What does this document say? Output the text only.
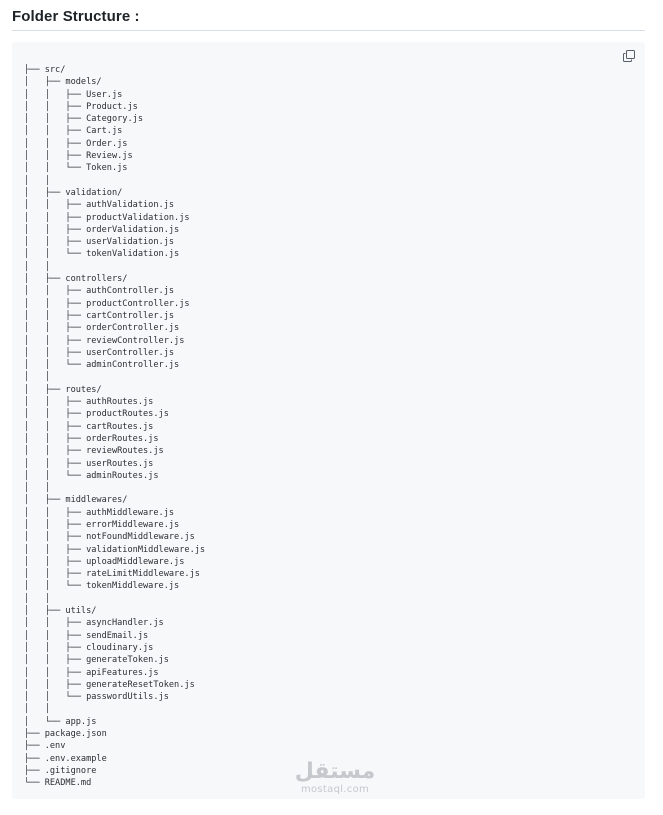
Folder Structure :
├── src/
│   ├── models/
│   │   ├── User.js
│   │   ├── Product.js
│   │   ├── Category.js
│   │   ├── Cart.js
│   │   ├── Order.js
│   │   ├── Review.js
│   │   └── Token.js
│   │
│   ├── validation/
│   │   ├── authValidation.js
│   │   ├── productValidation.js
│   │   ├── orderValidation.js
│   │   ├── userValidation.js
│   │   └── tokenValidation.js
│   │
│   ├── controllers/
│   │   ├── authController.js
│   │   ├── productController.js
│   │   ├── cartController.js
│   │   ├── orderController.js
│   │   ├── reviewController.js
│   │   ├── userController.js
│   │   └── adminController.js
│   │
│   ├── routes/
│   │   ├── authRoutes.js
│   │   ├── productRoutes.js
│   │   ├── cartRoutes.js
│   │   ├── orderRoutes.js
│   │   ├── reviewRoutes.js
│   │   ├── userRoutes.js
│   │   └── adminRoutes.js
│   │
│   ├── middlewares/
│   │   ├── authMiddleware.js
│   │   ├── errorMiddleware.js
│   │   ├── notFoundMiddleware.js
│   │   ├── validationMiddleware.js
│   │   ├── uploadMiddleware.js
│   │   ├── rateLimitMiddleware.js
│   │   └── tokenMiddleware.js
│   │
│   ├── utils/
│   │   ├── asyncHandler.js
│   │   ├── sendEmail.js
│   │   ├── cloudinary.js
│   │   ├── generateToken.js
│   │   ├── apiFeatures.js
│   │   ├── generateResetToken.js
│   │   └── passwordUtils.js
│   │
│   └── app.js
├── package.json
├── .env
├── .env.example
├── .gitignore
└── README.md	مستقل
mostaql.com
